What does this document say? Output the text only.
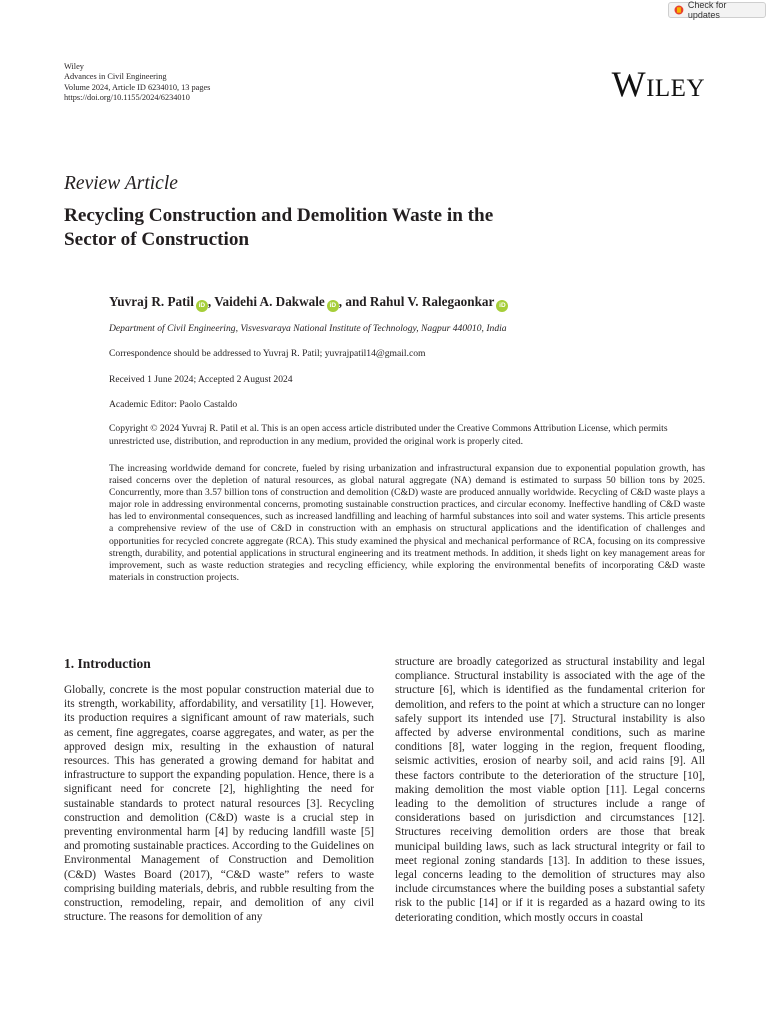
Check for updates
Wiley
Advances in Civil Engineering
Volume 2024, Article ID 6234010, 13 pages
https://doi.org/10.1155/2024/6234010	Wiley
Review Article
Recycling Construction and Demolition Waste in the
Sector of Construction
Yuvraj R. Patil iD , Vaidehi A. Dakwale iD , and Rahul V. Ralegaonkar iD
Department of Civil Engineering, Visvesvaraya National Institute of Technology, Nagpur 440010, India
Correspondence should be addressed to Yuvraj R. Patil; yuvrajpatil14@gmail.com
Received 1 June 2024; Accepted 2 August 2024
Academic Editor: Paolo Castaldo
Copyright © 2024 Yuvraj R. Patil et al. This is an open access article distributed under the Creative Commons Attribution License, which permits unrestricted use, distribution, and reproduction in any medium, provided the original work is properly cited.

The increasing worldwide demand for concrete, fueled by rising urbanization and infrastructural expansion due to exponential population growth, has raised concerns over the depletion of natural resources, as global natural aggregate (NA) demand is estimated to surpass 50 billion tons by 2025. Concurrently, more than 3.57 billion tons of construction and demolition (C&D) waste are produced annually worldwide. Recycling of C&D waste plays a major role in addressing environmental concerns, promoting sustainable construction practices, and circular economy. Ineffective handling of C&D waste has led to environmental consequences, such as increased landfilling and leaching of harmful substances into soil and water systems. This article presents a comprehensive review of the use of C&D in construction with an emphasis on structural applications and the identification of challenges and opportunities for recycled concrete aggregate (RCA). This study examined the physical and mechanical performance of RCA, focusing on its compressive strength, durability, and potential applications in structural engineering and its treatment methods. In addition, it sheds light on key management areas for improvement, such as waste reduction strategies and recycling efficiency, while exploring the environmental benefits of incorporating C&D waste materials in construction projects.

1. Introduction

Globally, concrete is the most popular construction material due to its strength, workability, affordability, and versatility [1]. However, its production requires a significant amount of raw materials, such as cement, fine aggregates, coarse aggregates, and water, as per the approved design mix, resulting in the exhaustion of natural resources. This has generated a growing demand for habitat and infrastructure to support the expanding population. Hence, there is a significant need for concrete [2], highlighting the need for sustainable standards to protect natural resources [3]. Recycling construction and demolition (C&D) waste is a crucial step in preventing environmental harm [4] by reducing landfill waste [5] and promoting sustainable practices. According to the Guidelines on Environmental Management of Construction and Demolition (C&D) Wastes Board (2017), “C&D waste” refers to waste comprising building materials, debris, and rubble resulting from the construction, remodeling, repair, and demolition of any civil structure. The reasons for demolition of any

structure are broadly categorized as structural instability and legal compliance. Structural instability is associated with the age of the structure [6], which is identified as the fundamental criterion for demolition, and refers to the point at which a structure can no longer safely support its intended use [7]. Structural instability is also affected by adverse environmental conditions, such as marine conditions [8], water logging in the region, frequent flooding, seismic activities, erosion of nearby soil, and acid rains [9]. All these factors contribute to the deterioration of the structure [10], making demolition the most viable option [11]. Legal concerns leading to the demolition of structures include a range of considerations based on jurisdiction and circumstances [12]. Structures receiving demolition orders are those that break municipal building laws, such as lack structural integrity or fail to meet regional zoning standards [13]. In addition to these issues, legal concerns leading to the demolition of structures may also include circumstances where the building poses a substantial safety risk to the public [14] or if it is regarded as a hazard owing to its deteriorating condition, which mostly occurs in coastal
